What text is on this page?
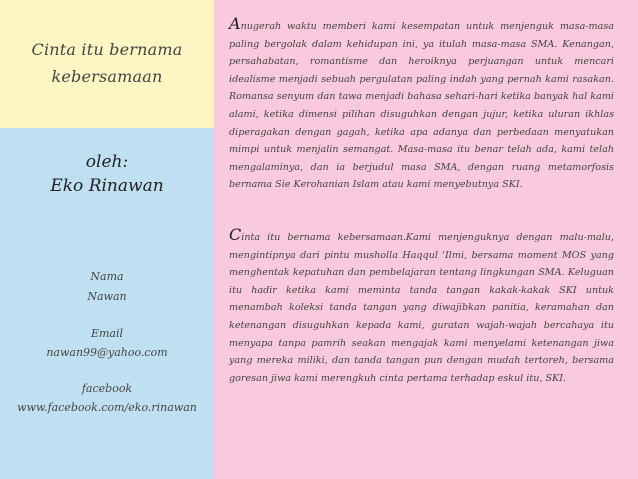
Cinta itu bernama
kebersamaan
oleh:
Eko Rinawan
Nama
Nawan
Email
nawan99@yahoo.com
facebook
www.facebook.com/eko.rinawan

Anugerah waktu memberi kami kesempatan untuk menjenguk masa-masa paling bergolak dalam kehidupan ini, ya itulah masa-masa SMA. Kenangan, persahabatan, romantisme dan heroiknya perjuangan untuk mencari idealisme menjadi sebuah pergulatan paling indah yang pernah kami rasakan. Romansa senyum dan tawa menjadi bahasa sehari-hari ketika banyak hal kami alami, ketika dimensi pilihan disuguhkan dengan jujur, ketika uluran ikhlas diperagakan dengan gagah, ketika apa adanya dan perbedaan menyatukan mimpi untuk menjalin semangat. Masa-masa itu benar telah ada, kami telah mengalaminya, dan ia berjudul masa SMA, dengan ruang metamorfosis bernama Sie Kerohanian Islam atau kami menyebutnya SKI.

Cinta itu bernama kebersamaan.Kami menjenguknya dengan malu-malu, mengintipnya dari pintu musholla Haqqul 'Ilmi, bersama moment MOS yang menghentak kepatuhan dan pembelajaran tentang lingkungan SMA. Keluguan itu hadir ketika kami meminta tanda tangan kakak-kakak SKI untuk menambah koleksi tanda tangan yang diwajibkan panitia, keramahan dan ketenangan disuguhkan kepada kami, guratan wajah-wajah bercahaya itu menyapa tanpa pamrih seakan mengajak kami menyelami ketenangan jiwa yang mereka miliki, dan tanda tangan pun dengan mudah tertoreh, bersama goresan jiwa kami merengkuh cinta pertama terhadap eskul itu, SKI.
